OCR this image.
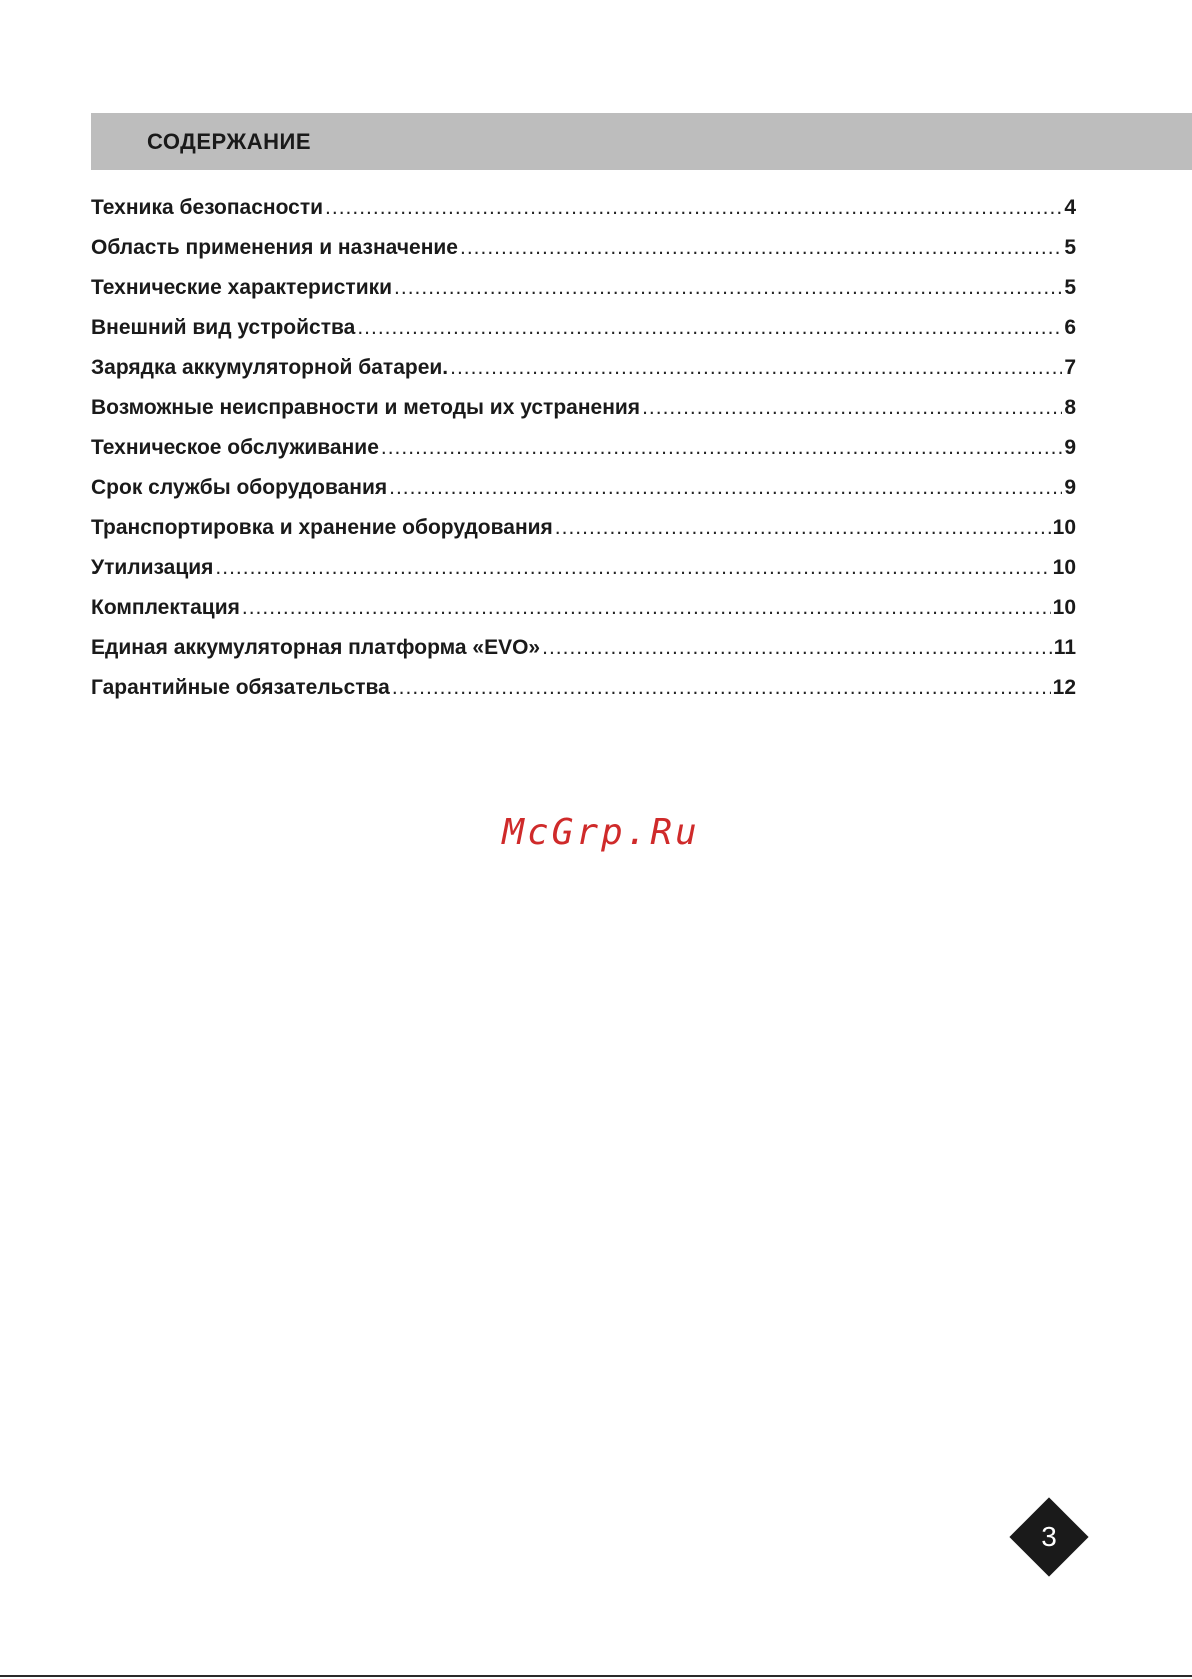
СОДЕРЖАНИЕ
Техника безопасности .....	4
Область применения и назначение .....	5
Технические характеристики .....	5
Внешний вид устройства .....	6
Зарядка аккумуляторной батареи. .....	7
Возможные неисправности и методы их устранения .....	8
Техническое обслуживание .....	9
Срок службы оборудования .....	9
Транспортировка и хранение оборудования .....	10
Утилизация .....	10
Комплектация .....	10
Единая аккумуляторная платформа «EVO» .....	11
Гарантийные обязательства .....	12
McGrp.Ru
3
